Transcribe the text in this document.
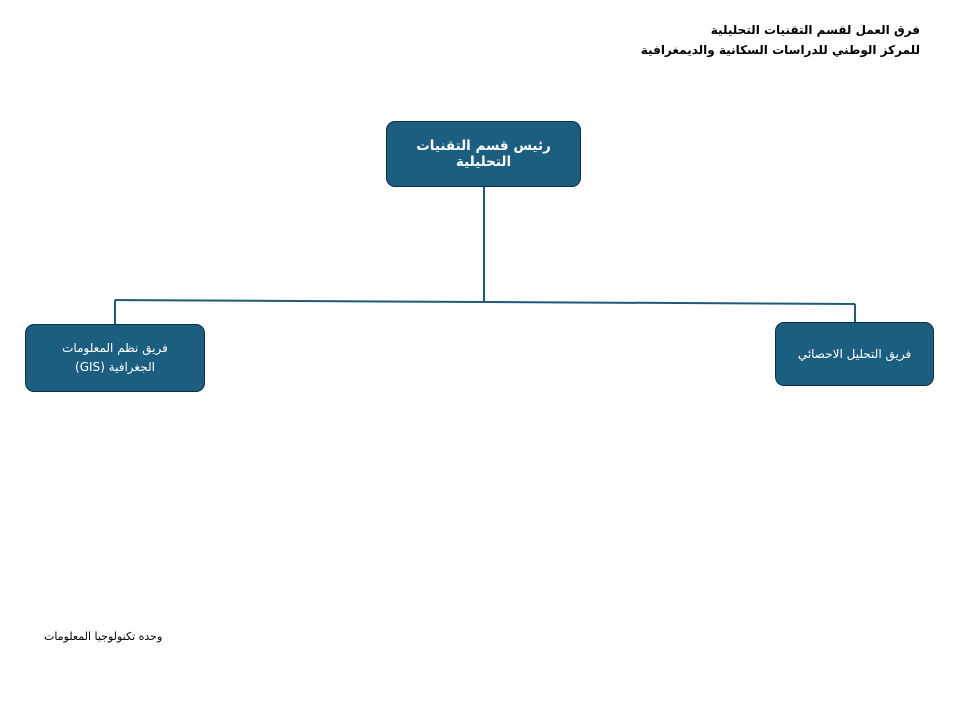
فرق العمل لقسم التقنيات التحليلية
للمركز الوطني للدراسات السكانية والديمغرافية
رئيس قسم التقنيات التحليلية
فريق نظم المعلومات
الجغرافية (GIS)
فريق التحليل الاحصائي
وحده تكنولوجيا المعلومات
